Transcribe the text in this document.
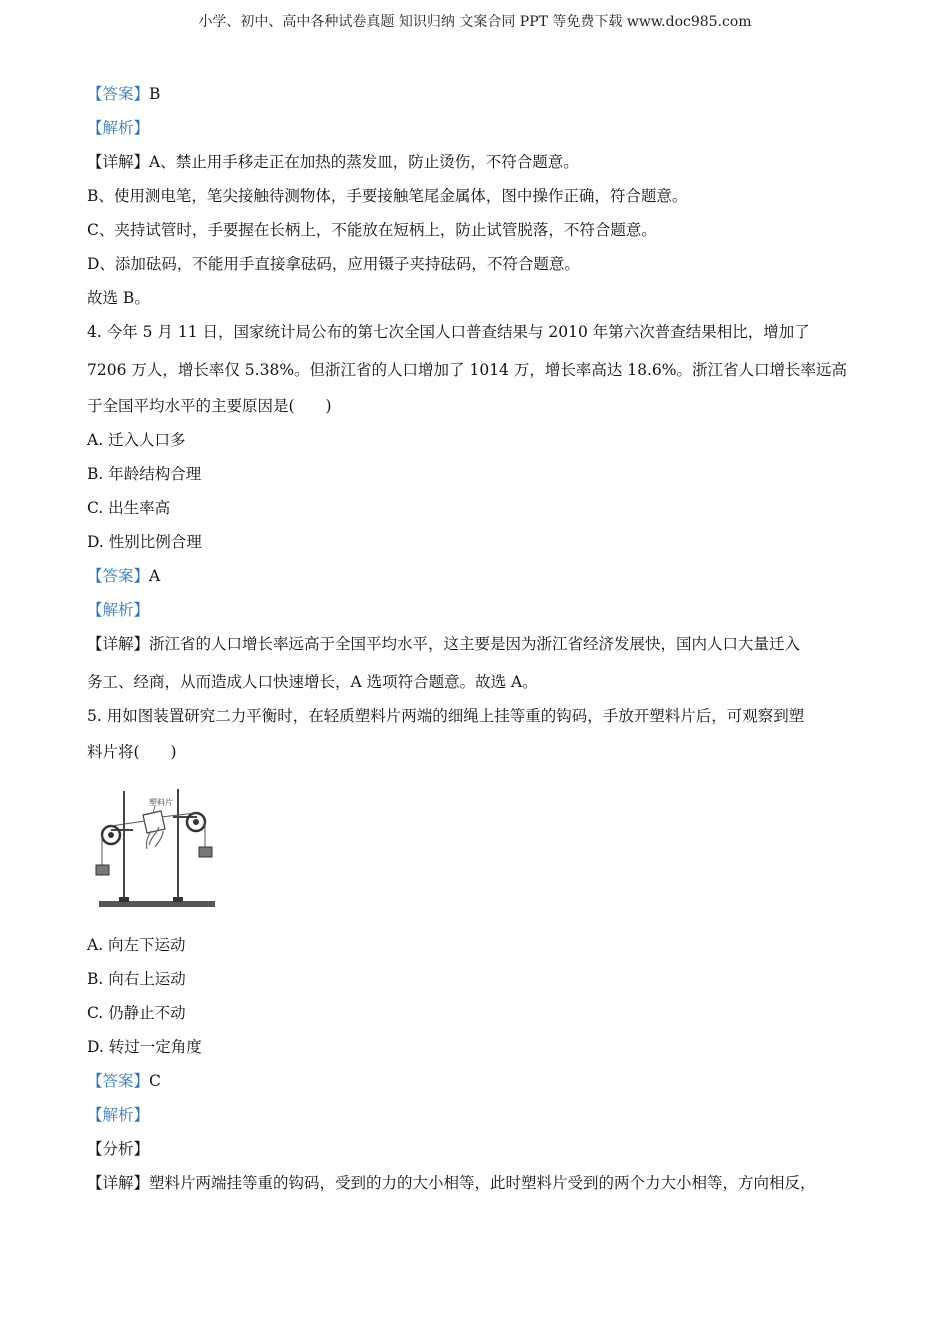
小学、初中、高中各种试卷真题 知识归纳 文案合同 PPT 等免费下载 www.doc985.com
【答案】B
【解析】
【详解】A、禁止用手移走正在加热的蒸发皿，防止烫伤，不符合题意。
B、使用测电笔，笔尖接触待测物体，手要接触笔尾金属体，图中操作正确，符合题意。
C、夹持试管时，手要握在长柄上，不能放在短柄上，防止试管脱落，不符合题意。
D、添加砝码，不能用手直接拿砝码，应用镊子夹持砝码，不符合题意。
故选 B。
4. 今年 5 月 11 日，国家统计局公布的第七次全国人口普查结果与 2010 年第六次普查结果相比，增加了
7206 万人，增长率仅 5.38%。但浙江省的人口增加了 1014 万，增长率高达 18.6%。浙江省人口增长率远高
于全国平均水平的主要原因是(　　)
A. 迁入人口多
B. 年龄结构合理
C. 出生率高
D. 性别比例合理
【答案】A
【解析】
【详解】浙江省的人口增长率远高于全国平均水平，这主要是因为浙江省经济发展快，国内人口大量迁入
务工、经商，从而造成人口快速增长，A 选项符合题意。故选 A。
5. 用如图装置研究二力平衡时，在轻质塑料片两端的细绳上挂等重的钩码，手放开塑料片后，可观察到塑
料片将(　　)
塑料片
A. 向左下运动
B. 向右上运动
C. 仍静止不动
D. 转过一定角度
【答案】C
【解析】
【分析】
【详解】塑料片两端挂等重的钩码，受到的力的大小相等，此时塑料片受到的两个力大小相等，方向相反，
